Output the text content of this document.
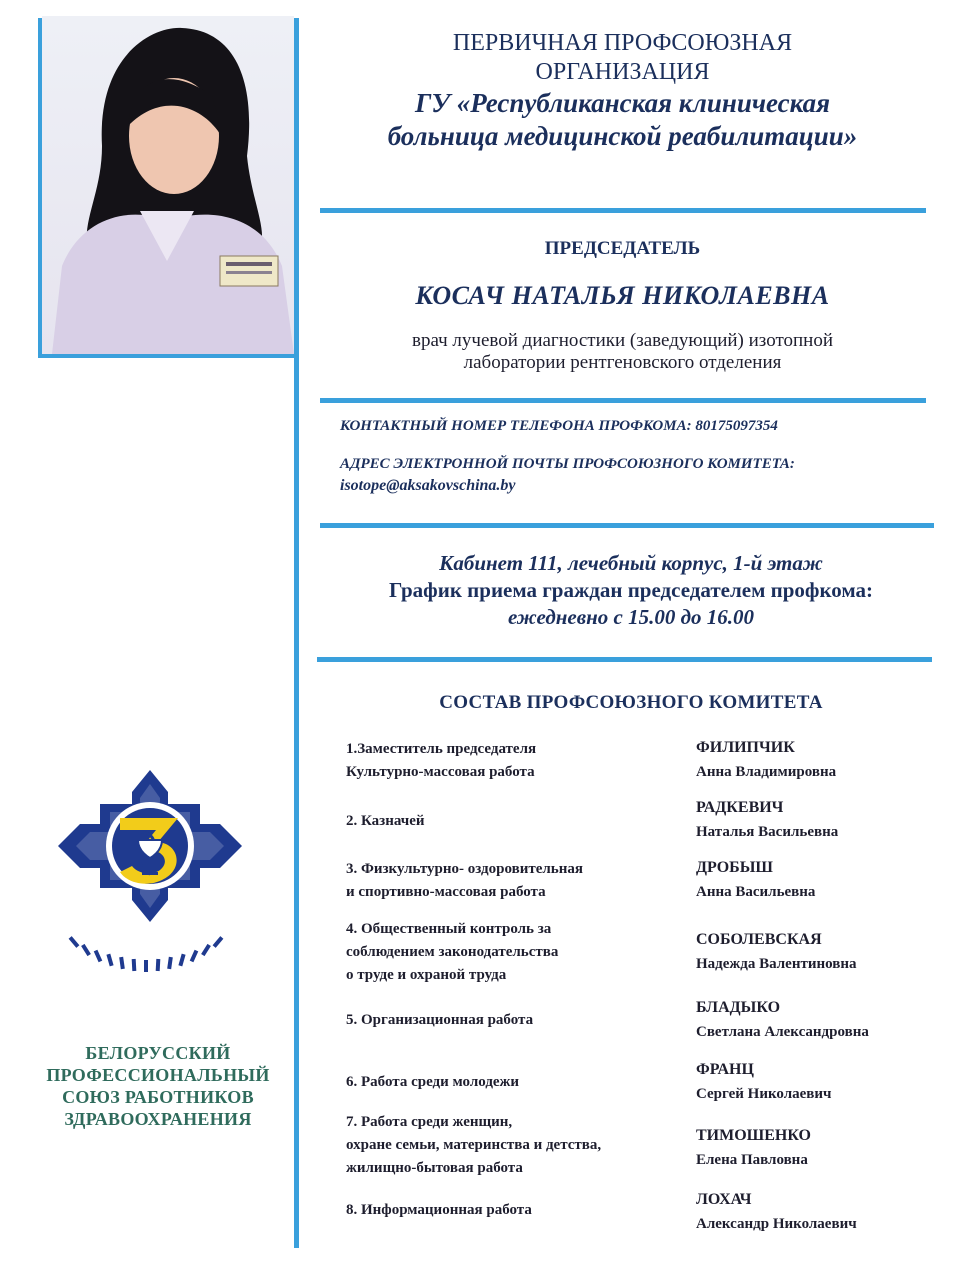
ПЕРВИЧНАЯ ПРОФСОЮЗНАЯ
ОРГАНИЗАЦИЯ
ГУ «Республиканская клиническая
больница медицинской реабилитации»
ПРЕДСЕДАТЕЛЬ
КОСАЧ НАТАЛЬЯ НИКОЛАЕВНА
врач лучевой диагностики (заведующий) изотопной
лаборатории рентгеновского отделения
КОНТАКТНЫЙ НОМЕР ТЕЛЕФОНА ПРОФКОМА: 80175097354
АДРЕС ЭЛЕКТРОННОЙ ПОЧТЫ ПРОФСОЮЗНОГО КОМИТЕТА:
isotope@aksakovschina.by
Кабинет 111, лечебный корпус, 1-й этаж
График приема граждан председателем профкома:
ежедневно с 15.00 до 16.00
СОСТАВ ПРОФСОЮЗНОГО КОМИТЕТА
1.Заместитель председателя
Культурно-массовая работа
2. Казначей
3. Физкультурно- оздоровительная
и спортивно-массовая работа
4. Общественный контроль за
соблюдением законодательства
о труде и охраной труда
5. Организационная работа
6. Работа среди молодежи
7. Работа среди женщин,
охране семьи, материнства и детства,
жилищно-бытовая работа
8. Информационная работа
ФИЛИПЧИК
Анна Владимировна
РАДКЕВИЧ
Наталья Васильевна
ДРОБЫШ
Анна Васильевна
СОБОЛЕВСКАЯ
Надежда Валентиновна
БЛАДЫКО
Светлана Александровна
ФРАНЦ
Сергей Николаевич
ТИМОШЕНКО
Елена Павловна
ЛОХАЧ
Александр Николаевич
БЕЛОРУССКИЙ
ПРОФЕССИОНАЛЬНЫЙ
СОЮЗ РАБОТНИКОВ
ЗДРАВООХРАНЕНИЯ
